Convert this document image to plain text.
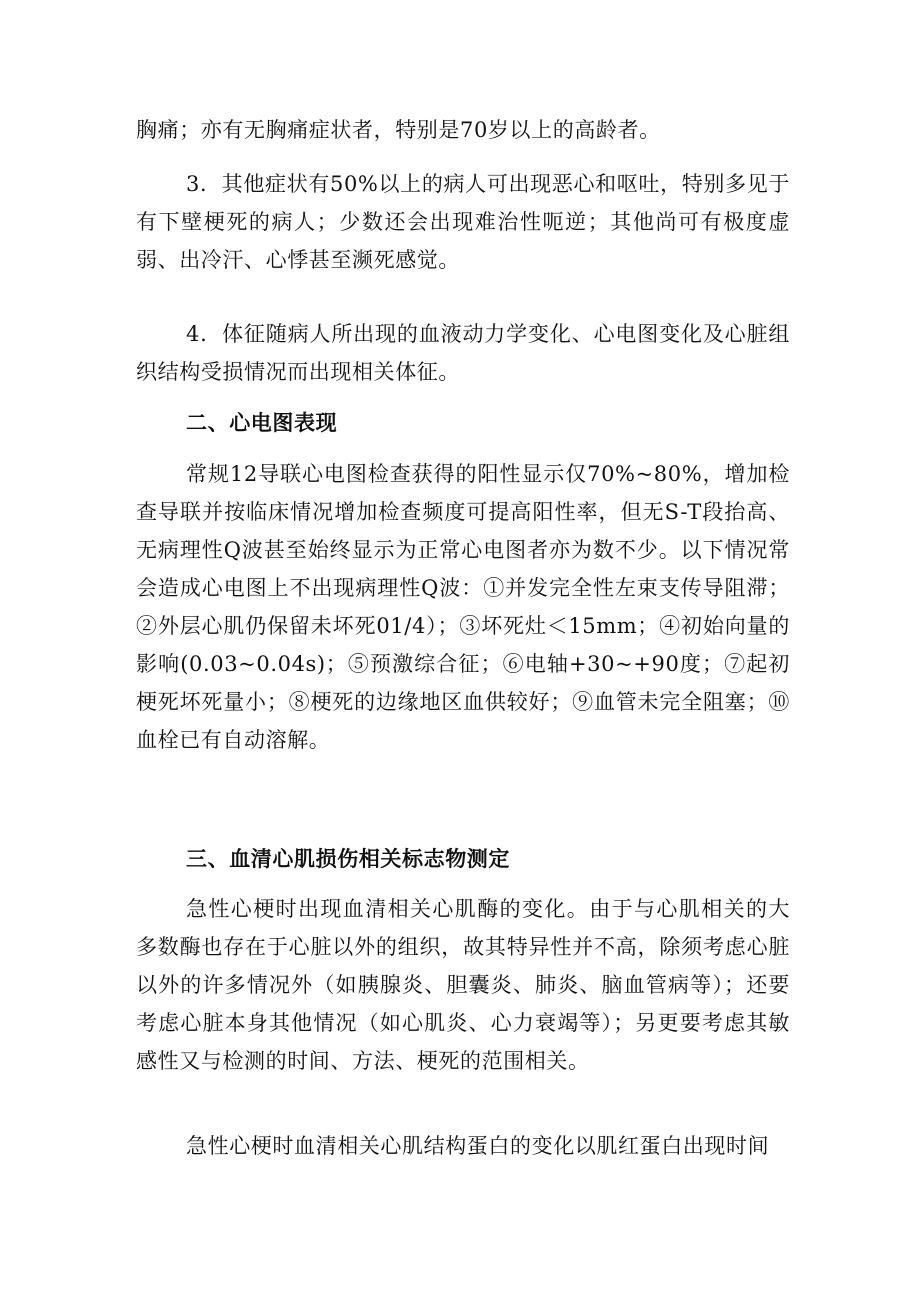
胸痛；亦有无胸痛症状者，特别是70岁以上的高龄者。

3．其他症状有50%以上的病人可出现恶心和呕吐，特别多见于有下壁梗死的病人；少数还会出现难治性呃逆；其他尚可有极度虚弱、出冷汗、心悸甚至濒死感觉。

4．体征随病人所出现的血液动力学变化、心电图变化及心脏组织结构受损情况而出现相关体征。

二、心电图表现

常规12导联心电图检查获得的阳性显示仅70%~80%，增加检查导联并按临床情况增加检查频度可提高阳性率，但无S-T段抬高、无病理性Q波甚至始终显示为正常心电图者亦为数不少。以下情况常会造成心电图上不出现病理性Q波：①并发完全性左束支传导阻滞；②外层心肌仍保留未坏死01/4）；③坏死灶＜15mm；④初始向量的影响(0.03~0.04s)；⑤预激综合征；⑥电轴+30~+90度；⑦起初梗死坏死量小；⑧梗死的边缘地区血供较好；⑨血管未完全阻塞；⑩血栓已有自动溶解。

三、血清心肌损伤相关标志物测定

急性心梗时出现血清相关心肌酶的变化。由于与心肌相关的大多数酶也存在于心脏以外的组织，故其特异性并不高，除须考虑心脏以外的许多情况外（如胰腺炎、胆囊炎、肺炎、脑血管病等）；还要考虑心脏本身其他情况（如心肌炎、心力衰竭等）；另更要考虑其敏感性又与检测的时间、方法、梗死的范围相关。

急性心梗时血清相关心肌结构蛋白的变化以肌红蛋白出现时间
